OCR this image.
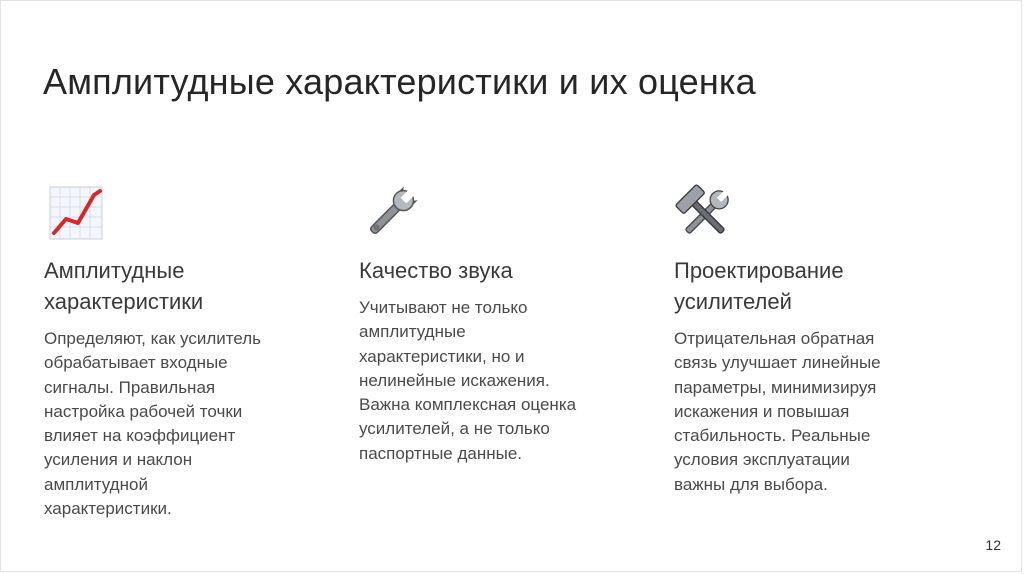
Амплитудные характеристики и их оценка
Амплитудные
характеристики
Определяют, как усилитель
обрабатывает входные
сигналы. Правильная
настройка рабочей точки
влияет на коэффициент
усиления и наклон
амплитудной
характеристики.
Качество звука
Учитывают не только
амплитудные
характеристики, но и
нелинейные искажения.
Важна комплексная оценка
усилителей, а не только
паспортные данные.
Проектирование
усилителей
Отрицательная обратная
связь улучшает линейные
параметры, минимизируя
искажения и повышая
стабильность. Реальные
условия эксплуатации
важны для выбора.
12
